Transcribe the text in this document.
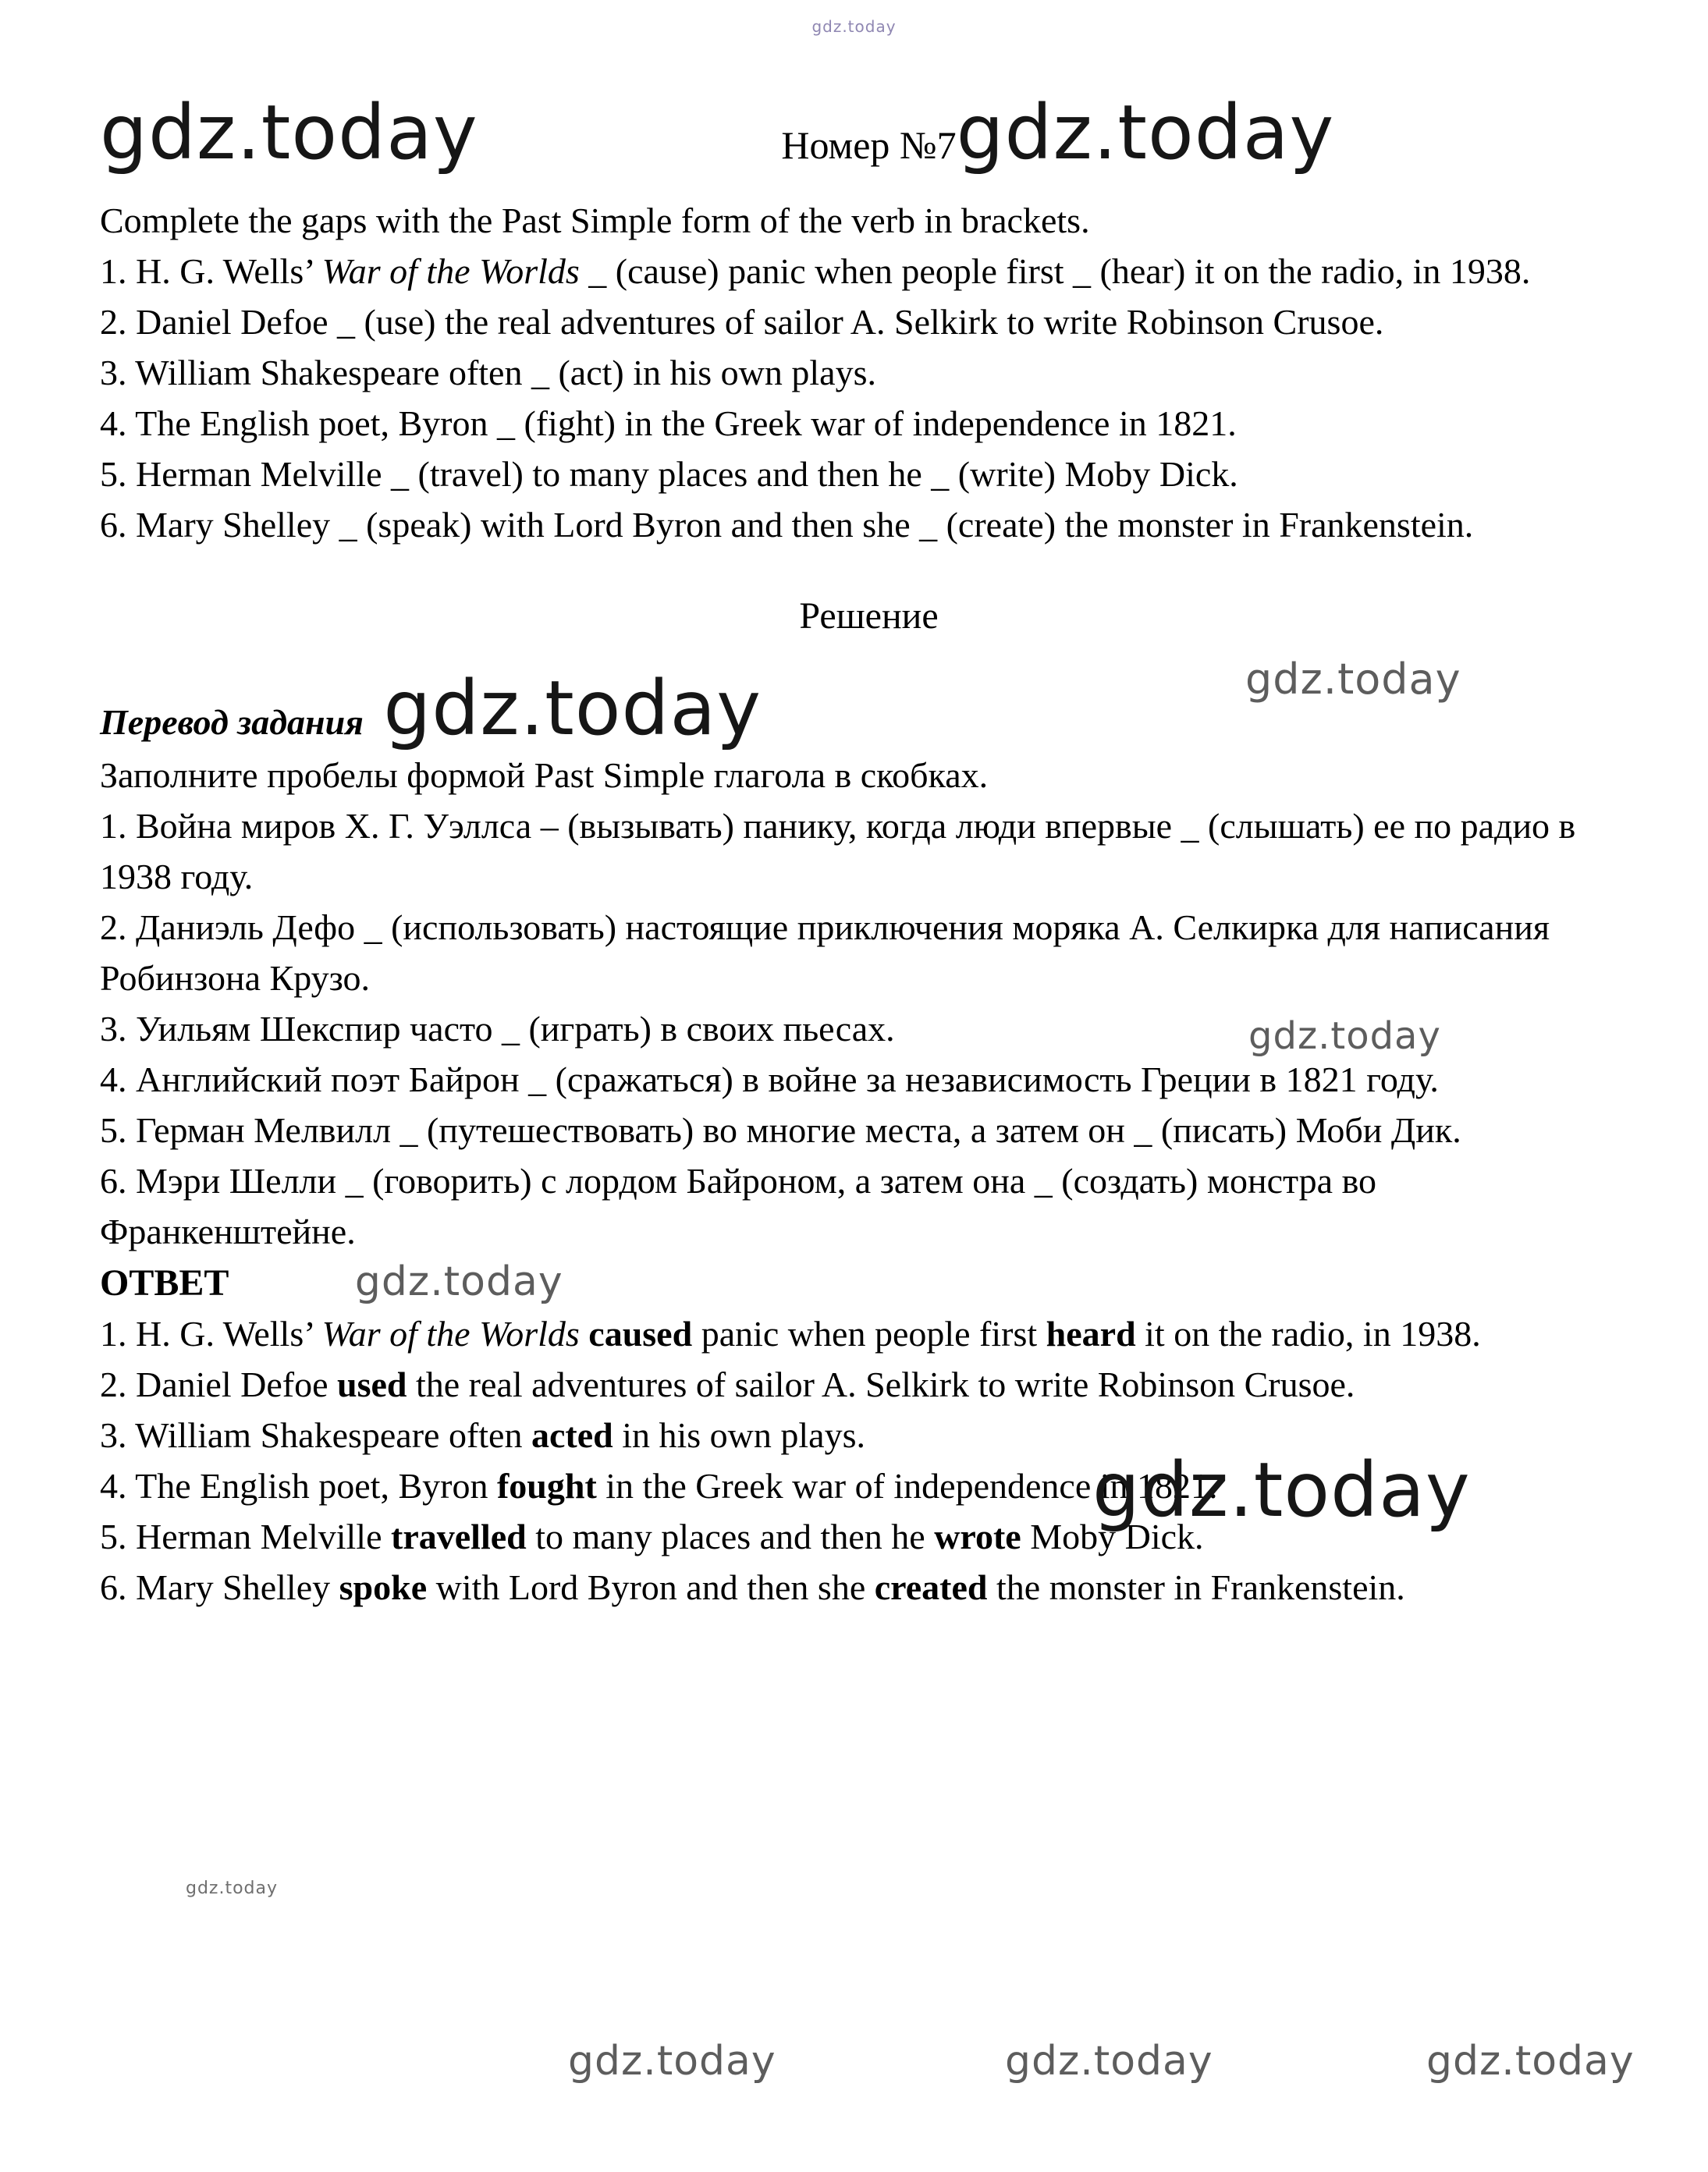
gdz.today
gdz.today	Номер №7 gdz.today

Complete the gaps with the Past Simple form of the verb in brackets.

1. H. G. Wells’ War of the Worlds _ (cause) panic when people first _ (hear) it on the radio, in 1938.

2. Daniel Defoe _ (use) the real adventures of sailor A. Selkirk to write Robinson Crusoe.

3. William Shakespeare often _ (act) in his own plays.

4. The English poet, Byron _ (fight) in the Greek war of independence in 1821.

5. Herman Melville _ (travel) to many places and then he _ (write) Moby Dick.

6. Mary Shelley _ (speak) with Lord Byron and then she _ (create) the monster in Frankenstein.

Решение
Перевод задания gdz.today

Заполните пробелы формой Past Simple глагола в скобках.

1. Война миров Х. Г. Уэллса – (вызывать) панику, когда люди впервые _ (слышать) ее по радио в 1938 году.

2. Даниэль Дефо _ (использовать) настоящие приключения моряка А. Селкирка для написания Робинзона Крузо.

3. Уильям Шекспир часто _ (играть) в своих пьесах.

4. Английский поэт Байрон _ (сражаться) в войне за независимость Греции в 1821 году.

5. Герман Мелвилл _ (путешествовать) во многие места, а затем он _ (писать) Моби Дик.

6. Мэри Шелли _ (говорить) с лордом Байроном, а затем она _ (создать) монстра во Франкенштейне.

ОТВЕТ	gdz.today

1. H. G. Wells’ War of the Worlds caused panic when people first heard it on the radio, in 1938.

2. Daniel Defoe used the real adventures of sailor A. Selkirk to write Robinson Crusoe.

3. William Shakespeare often acted in his own plays.

4. The English poet, Byron fought in the Greek war of independence in 1821.

5. Herman Melville travelled to many places and then he wrote Moby Dick.

6. Mary Shelley spoke with Lord Byron and then she created the monster in Frankenstein.

gdz.today
gdz.today
gdz.today
gdz.today
gdz.today	gdz.today	gdz.today
